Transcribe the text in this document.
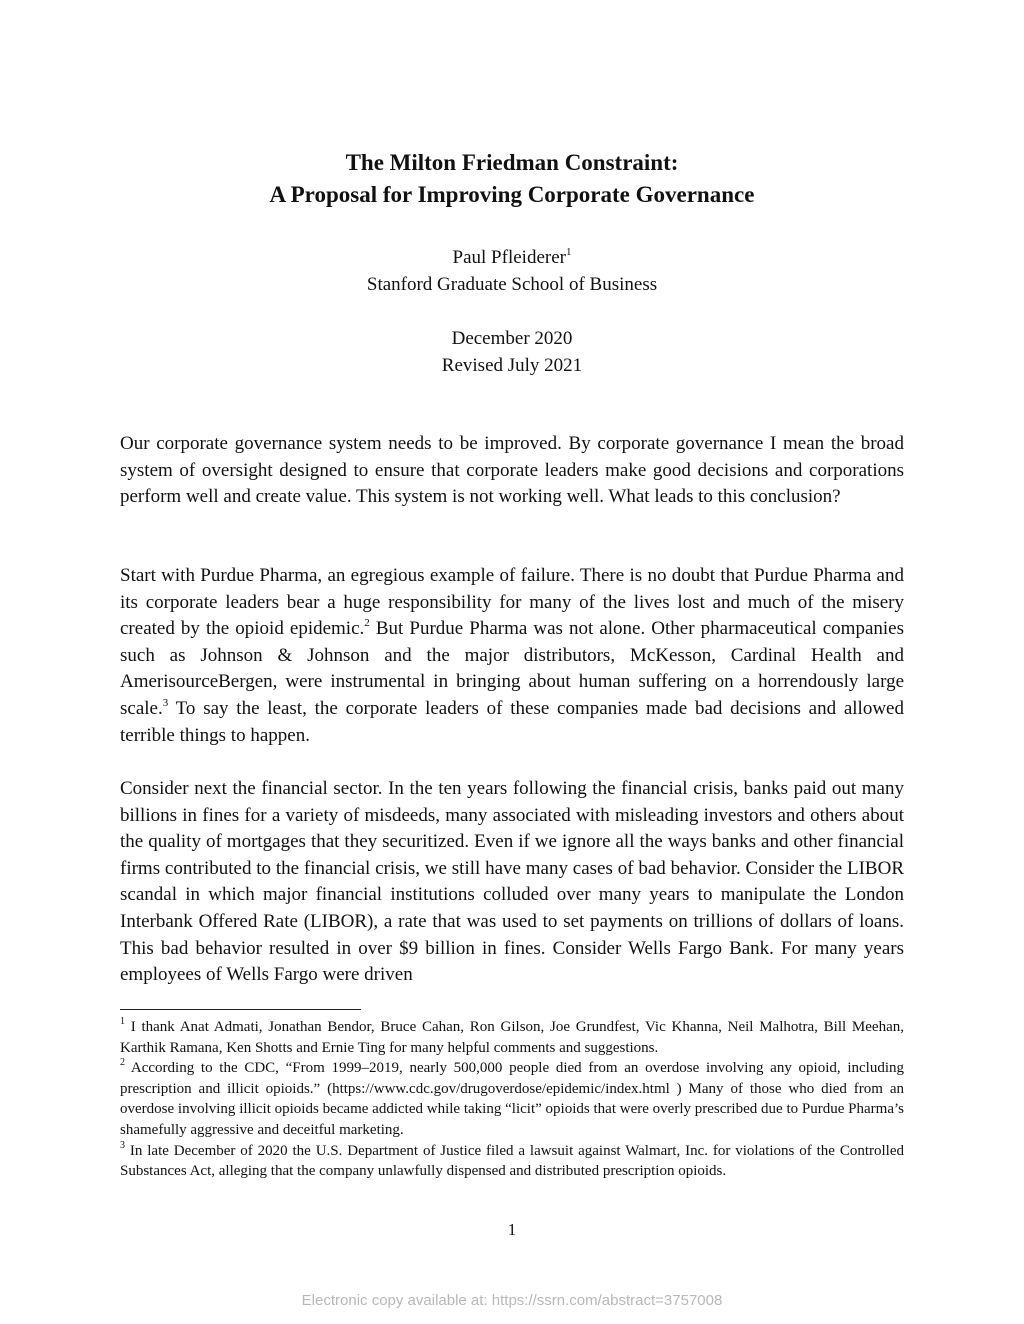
The Milton Friedman Constraint:
A Proposal for Improving Corporate Governance
Paul Pfleiderer$^1$
Stanford Graduate School of Business
December 2020
Revised July 2021

Our corporate governance system needs to be improved. By corporate governance I mean the broad system of oversight designed to ensure that corporate leaders make good decisions and corporations perform well and create value. This system is not working well. What leads to this conclusion?

Start with Purdue Pharma, an egregious example of failure. There is no doubt that Purdue Pharma and its corporate leaders bear a huge responsibility for many of the lives lost and much of the misery created by the opioid epidemic.$^2$ But Purdue Pharma was not alone. Other pharmaceutical companies such as Johnson & Johnson and the major distributors, McKesson, Cardinal Health and AmerisourceBergen, were instrumental in bringing about human suffering on a horrendously large scale.$^3$ To say the least, the corporate leaders of these companies made bad decisions and allowed terrible things to happen.

Consider next the financial sector. In the ten years following the financial crisis, banks paid out many billions in fines for a variety of misdeeds, many associated with misleading investors and others about the quality of mortgages that they securitized. Even if we ignore all the ways banks and other financial firms contributed to the financial crisis, we still have many cases of bad behavior. Consider the LIBOR scandal in which major financial institutions colluded over many years to manipulate the London Interbank Offered Rate (LIBOR), a rate that was used to set payments on trillions of dollars of loans. This bad behavior resulted in over $9 billion in fines. Consider Wells Fargo Bank. For many years employees of Wells Fargo were driven

$^1$ I thank Anat Admati, Jonathan Bendor, Bruce Cahan, Ron Gilson, Joe Grundfest, Vic Khanna, Neil Malhotra, Bill Meehan, Karthik Ramana, Ken Shotts and Ernie Ting for many helpful comments and suggestions.

$^2$ According to the CDC, “From 1999–2019, nearly 500,000 people died from an overdose involving any opioid, including prescription and illicit opioids.” (https://www.cdc.gov/drugoverdose/epidemic/index.html ) Many of those who died from an overdose involving illicit opioids became addicted while taking “licit” opioids that were overly prescribed due to Purdue Pharma’s shamefully aggressive and deceitful marketing.

$^3$ In late December of 2020 the U.S. Department of Justice filed a lawsuit against Walmart, Inc. for violations of the Controlled Substances Act, alleging that the company unlawfully dispensed and distributed prescription opioids.

1
Electronic copy available at: https://ssrn.com/abstract=3757008
